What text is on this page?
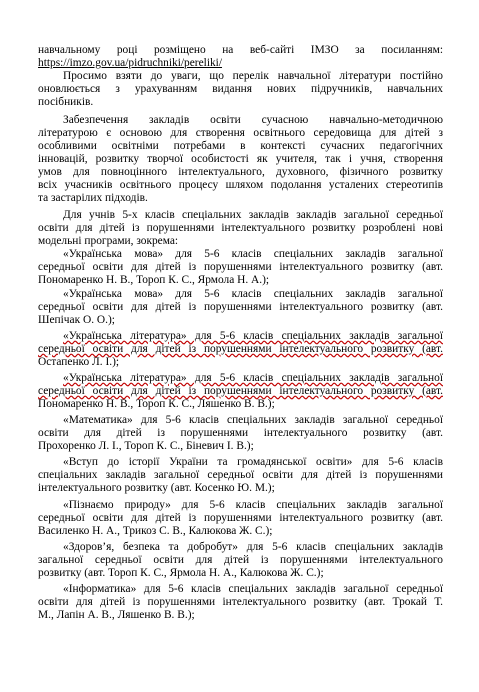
навчальному році розміщено на веб-сайті ІМЗО за посиланням:
https://imzo.gov.ua/pidruchniki/pereliki/
Просимо взяти до уваги, що перелік навчальної літератури постійно
оновлюється з урахуванням видання нових підручників, навчальних
посібників.
Забезпечення закладів освіти сучасною навчально-методичною
літературою є основою для створення освітнього середовища для дітей з
особливими освітніми потребами в контексті сучасних педагогічних
інновацій, розвитку творчої особистості як учителя, так і учня, створення
умов для повноцінного інтелектуального, духовного, фізичного розвитку
всіх учасників освітнього процесу шляхом подолання усталених стереотипів
та застарілих підходів.
Для учнів 5-х класів спеціальних закладів закладів загальної середньої
освіти для дітей із порушеннями інтелектуального розвитку розроблені нові
модельні програми, зокрема:
«Українська мова» для 5-6 класів спеціальних закладів загальної
середньої освіти для дітей із порушеннями інтелектуального розвитку (авт.
Пономаренко Н. В., Тороп К. С., Ярмола Н. А.);
«Українська мова» для 5-6 класів спеціальних закладів загальної
середньої освіти для дітей із порушеннями інтелектуального розвитку (авт.
Шепічак О. О.);
«Українська література» для 5-6 класів спеціальних закладів загальної
середньої освіти для дітей із порушеннями інтелектуального розвитку (авт.
Остапенко Л. І.);
«Українська література» для 5-6 класів спеціальних закладів загальної
середньої освіти для дітей із порушеннями інтелектуального розвитку (авт.
Пономаренко Н. В., Тороп К. С., Ляшенко В. В.);
«Математика» для 5-6 класів спеціальних закладів загальної середньої
освіти для дітей із порушеннями інтелектуального розвитку (авт.
Прохоренко Л. І., Тороп К. С., Біневич І. В.);
«Вступ до історії України та громадянської освіти» для 5-6 класів
спеціальних закладів загальної середньої освіти для дітей із порушеннями
інтелектуального розвитку (авт. Косенко Ю. М.);
«Пізнаємо природу» для 5-6 класів спеціальних закладів загальної
середньої освіти для дітей із порушеннями інтелектуального розвитку (авт.
Василенко Н. А., Трикоз С. В., Калюкова Ж. С.);
«Здоров’я, безпека та добробут» для 5-6 класів спеціальних закладів
загальної середньої освіти для дітей із порушеннями інтелектуального
розвитку (авт. Тороп К. С., Ярмола Н. А., Калюкова Ж. С.);
«Інформатика» для 5-6 класів спеціальних закладів загальної середньої
освіти для дітей із порушеннями інтелектуального розвитку (авт. Трокай Т.
М., Лапін А. В., Ляшенко В. В.);
